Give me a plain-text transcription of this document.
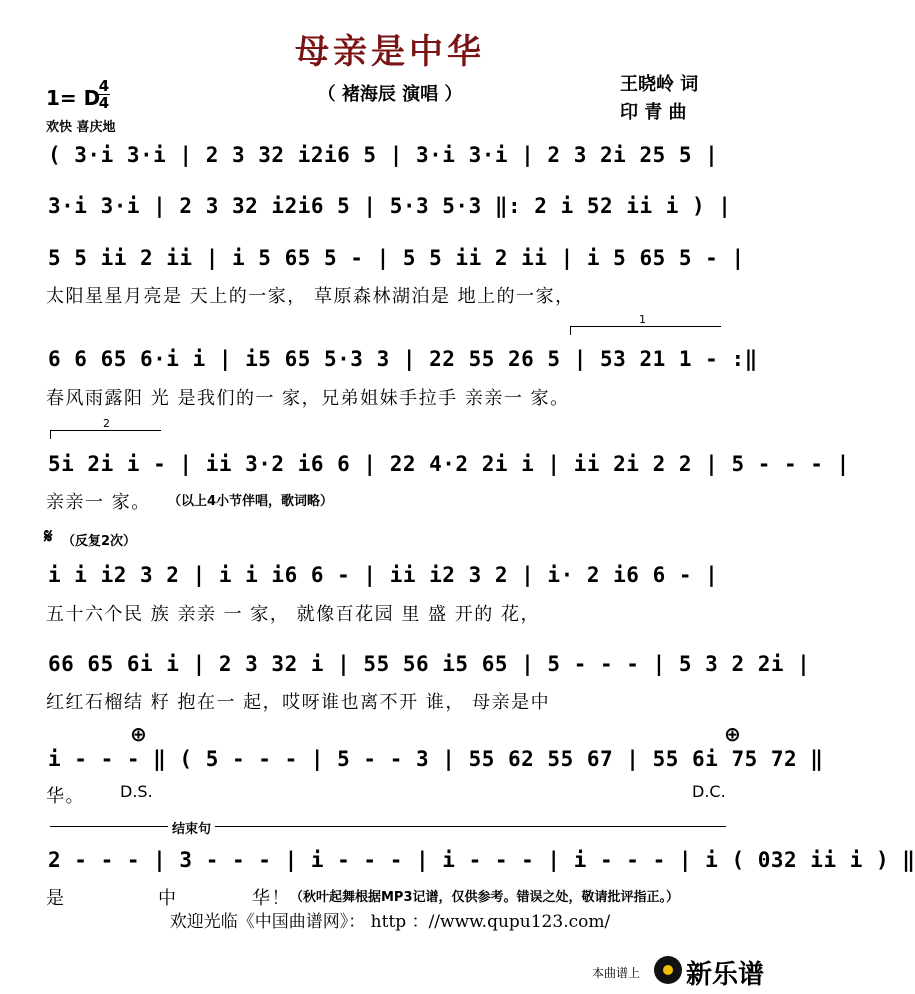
母亲是中华
（ 褚海辰 演唱 ）	王晓岭 词
印 青 曲
1= D
4
4
欢快 喜庆地
( 3·i 3·i | 2 3 32 i2i6 5 | 3·i 3·i | 2 3 2i 25 5 |
3·i 3·i | 2 3 32 i2i6 5 | 5·3 5·3 ‖: 2 i 52 ii i ) |
5 5 ii 2 ii | i 5 65 5 - | 5 5 ii 2 ii | i 5 65 5 - |
太阳星星月亮是 天上的一家， 草原森林湖泊是 地上的一家，
1
6 6 65 6·i i | i5 65 5·3 3 | 22 55 26 5 | 53 21 1 - :‖
春风雨露阳 光 是我们的一 家，兄弟姐妹手拉手 亲亲一 家。
2
5i 2i i - | ii 3·2 i6 6 | 22 4·2 2i i | ii 2i 2 2 | 5 - - - |
亲亲一 家。 （以上4小节伴唱，歌词略）
𝄋 （反复2次）
i i i2 3 2 | i i i6 6 - | ii i2 3 2 | i· 2 i6 6 - |
五十六个民 族 亲亲 一 家， 就像百花园 里 盛 开的 花，
66 65 6i i | 2 3 32 i | 55 56 i5 65 | 5 - - - | 5 3 2 2i |
红红石榴结 籽 抱在一 起，哎呀谁也离不开 谁， 母亲是中
⊕	⊕
i - - - ‖ ( 5 - - - | 5 - - 3 | 55 62 55 67 | 55 6i 75 72 ‖
华。 D.S.	D.C.
结束句
2 - - - | 3 - - - | i - - - | i - - - | i - - - | i ( 032 ii i ) ‖
是	中	华！ （秋叶起舞根据MP3记谱，仅供参考。错误之处，敬请批评指正。）
欢迎光临《中国曲谱网》： http ：//www.qupu123.com/
本曲谱上 新乐谱
